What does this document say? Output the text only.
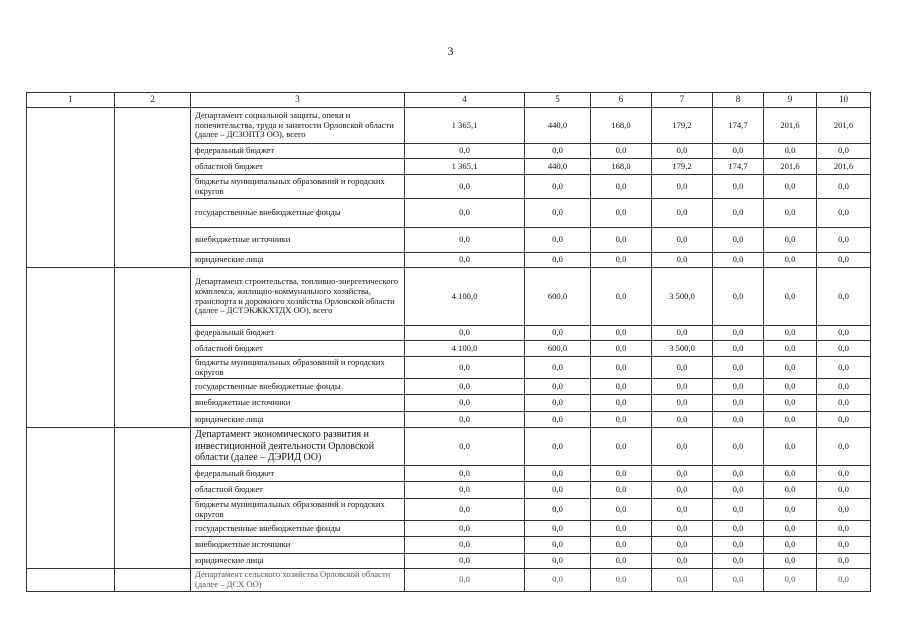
3
1	2	3	4	5	6	7	8	9	10
		Департамент социальной защиты, опеки и попечительства, труда и занятости Орловской области (далее – ДСЗОПТЗ ОО), всего	1 365,1	440,0	168,0	179,2	174,7	201,6	201,6
		федеральный бюджет	0,0	0,0	0,0	0,0	0,0	0,0	0,0
		областной бюджет	1 365,1	440,0	168,0	179,2	174,7	201,6	201,6
		бюджеты муниципальных образований и городских округов	0,0	0,0	0,0	0,0	0,0	0,0	0,0
		государственные внебюджетные фонды	0,0	0,0	0,0	0,0	0,0	0,0	0,0
		внебюджетные источники	0,0	0,0	0,0	0,0	0,0	0,0	0,0
		юридические лица	0,0	0,0	0,0	0,0	0,0	0,0	0,0
		Департамент строительства, топливно-энергетического комплекса, жилищно-коммунального хозяйства, транспорта и дорожного хозяйства Орловской области (далее – ДСТЭКЖКХТДХ ОО), всего	4 100,0	600,0	0,0	3 500,0	0,0	0,0	0,0
		федеральный бюджет	0,0	0,0	0,0	0,0	0,0	0,0	0,0
		областной бюджет	4 100,0	600,0	0,0	3 500,0	0,0	0,0	0,0
		бюджеты муниципальных образований и городских округов	0,0	0,0	0,0	0,0	0,0	0,0	0,0
		государственные внебюджетные фонды	0,0	0,0	0,0	0,0	0,0	0,0	0,0
		внебюджетные источники	0,0	0,0	0,0	0,0	0,0	0,0	0,0
		юридические лица	0,0	0,0	0,0	0,0	0,0	0,0	0,0
		Департамент экономического развития и инвестиционной деятельности Орловской области (далее – ДЭРИД ОО)	0,0	0,0	0,0	0,0	0,0	0,0	0,0
		федеральный бюджет	0,0	0,0	0,0	0,0	0,0	0,0	0,0
		областной бюджет	0,0	0,0	0,0	0,0	0,0	0,0	0,0
		бюджеты муниципальных образований и городских округов	0,0	0,0	0,0	0,0	0,0	0,0	0,0
		государственные внебюджетные фонды	0,0	0,0	0,0	0,0	0,0	0,0	0,0
		внебюджетные источники	0,0	0,0	0,0	0,0	0,0	0,0	0,0
		юридические лица	0,0	0,0	0,0	0,0	0,0	0,0	0,0
		Департамент сельского хозяйства Орловской области (далее – ДСХ ОО)	0,0	0,0	0,0	0,0	0,0	0,0	0,0
